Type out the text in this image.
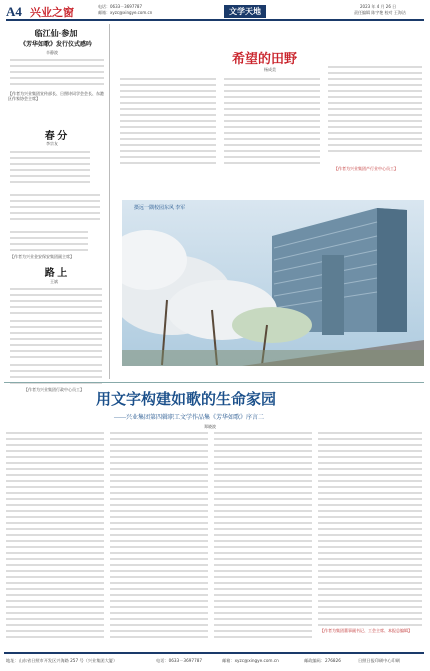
A4 兴业之窗	电话：0633－3697787
邮箱：xyzc@xingye.com.cn	文学天地
2023 年 4 月 26 日
责任编辑 陈宇艳 校对 王海洁
临江仙·参加
《芳华如歌》发行仪式感吟
辛静波
【作者为兴业集团宣传部长、日照诗词学会会长、东港区作家协会主席】
春 分
李宗友
【作者为兴业金安保安集团副主席】
路 上
王斌
【作者为兴业集团行政中心员工】
希望的田野
杨成美
【作者为兴业集团产行业中心员工】
摄远一隅校园东风 李军
用文字构建如歌的生命家园
——兴业集团第四辑职工文学作品集《芳华如歌》序言二
郑晓波
【作者为集团董事副书记、工会主席、本报总编辑】
地址：山东省日照市开发区兴海路 257 号（兴业集团大厦）	电话：0633－3697787	邮箱：xyzc@xingye.com.cn	邮政编码：276826	日照日报印刷中心印刷
